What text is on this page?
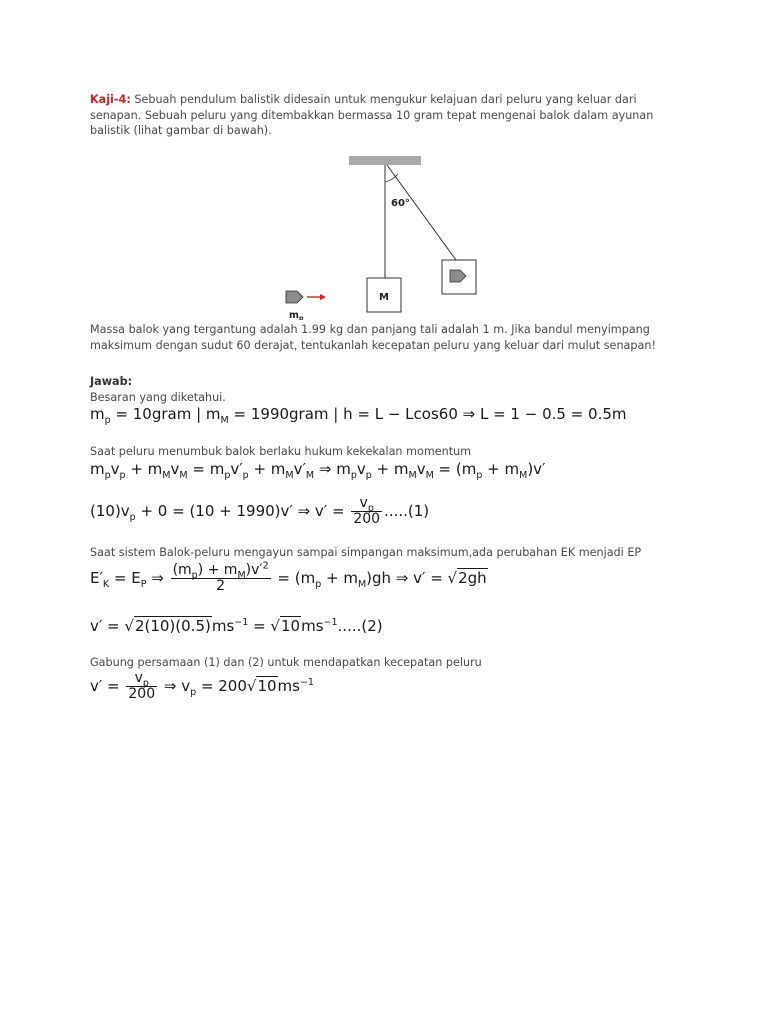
Kaji-4: Sebuah pendulum balistik didesain untuk mengukur kelajuan dari peluru yang keluar dari senapan. Sebuah peluru yang ditembakkan bermassa 10 gram tepat mengenai balok dalam ayunan balistik (lihat gambar di bawah).
60°
M
$m_p$
Massa balok yang tergantung adalah 1.99 kg dan panjang tali adalah 1 m. Jika bandul menyimpang maksimum dengan sudut 60 derajat, tentukanlah kecepatan peluru yang keluar dari mulut senapan!
Jawab:
Besaran yang diketahui.
$m_p$ = 10gram | $m_M$ = 1990gram | h = L − Lcos60 ⇒ L = 1 − 0.5 = 0.5m
Saat peluru menumbuk balok berlaku hukum kekekalan momentum
$m_pv_p + m_Mv_M = m_pv'_p + m_Mv'_M$ ⇒ $m_pv_p + m_Mv_M = (m_p + m_M)v'$
$(10)v_p + 0 = (10 + 1990)v'$ ⇒ $v' = \frac{v_p}{200} .....(1)$
Saat sistem Balok-peluru mengayun sampai simpangan maksimum,ada perubahan EK menjadi EP
$E'_K = E_P$ ⇒ $\frac{(m_p) + m_M)v'^2}{2} = (m_p + m_M)gh$ ⇒ v′ = √2gh
$v' = √2(10)(0.5)ms^{-1} = √10ms^{-1}.....(2)$
Gabung persamaan (1) dan (2) untuk mendapatkan kecepatan peluru
$v' = \frac{v_p}{200}$ ⇒ $v_p = 200√10ms^{-1}$
